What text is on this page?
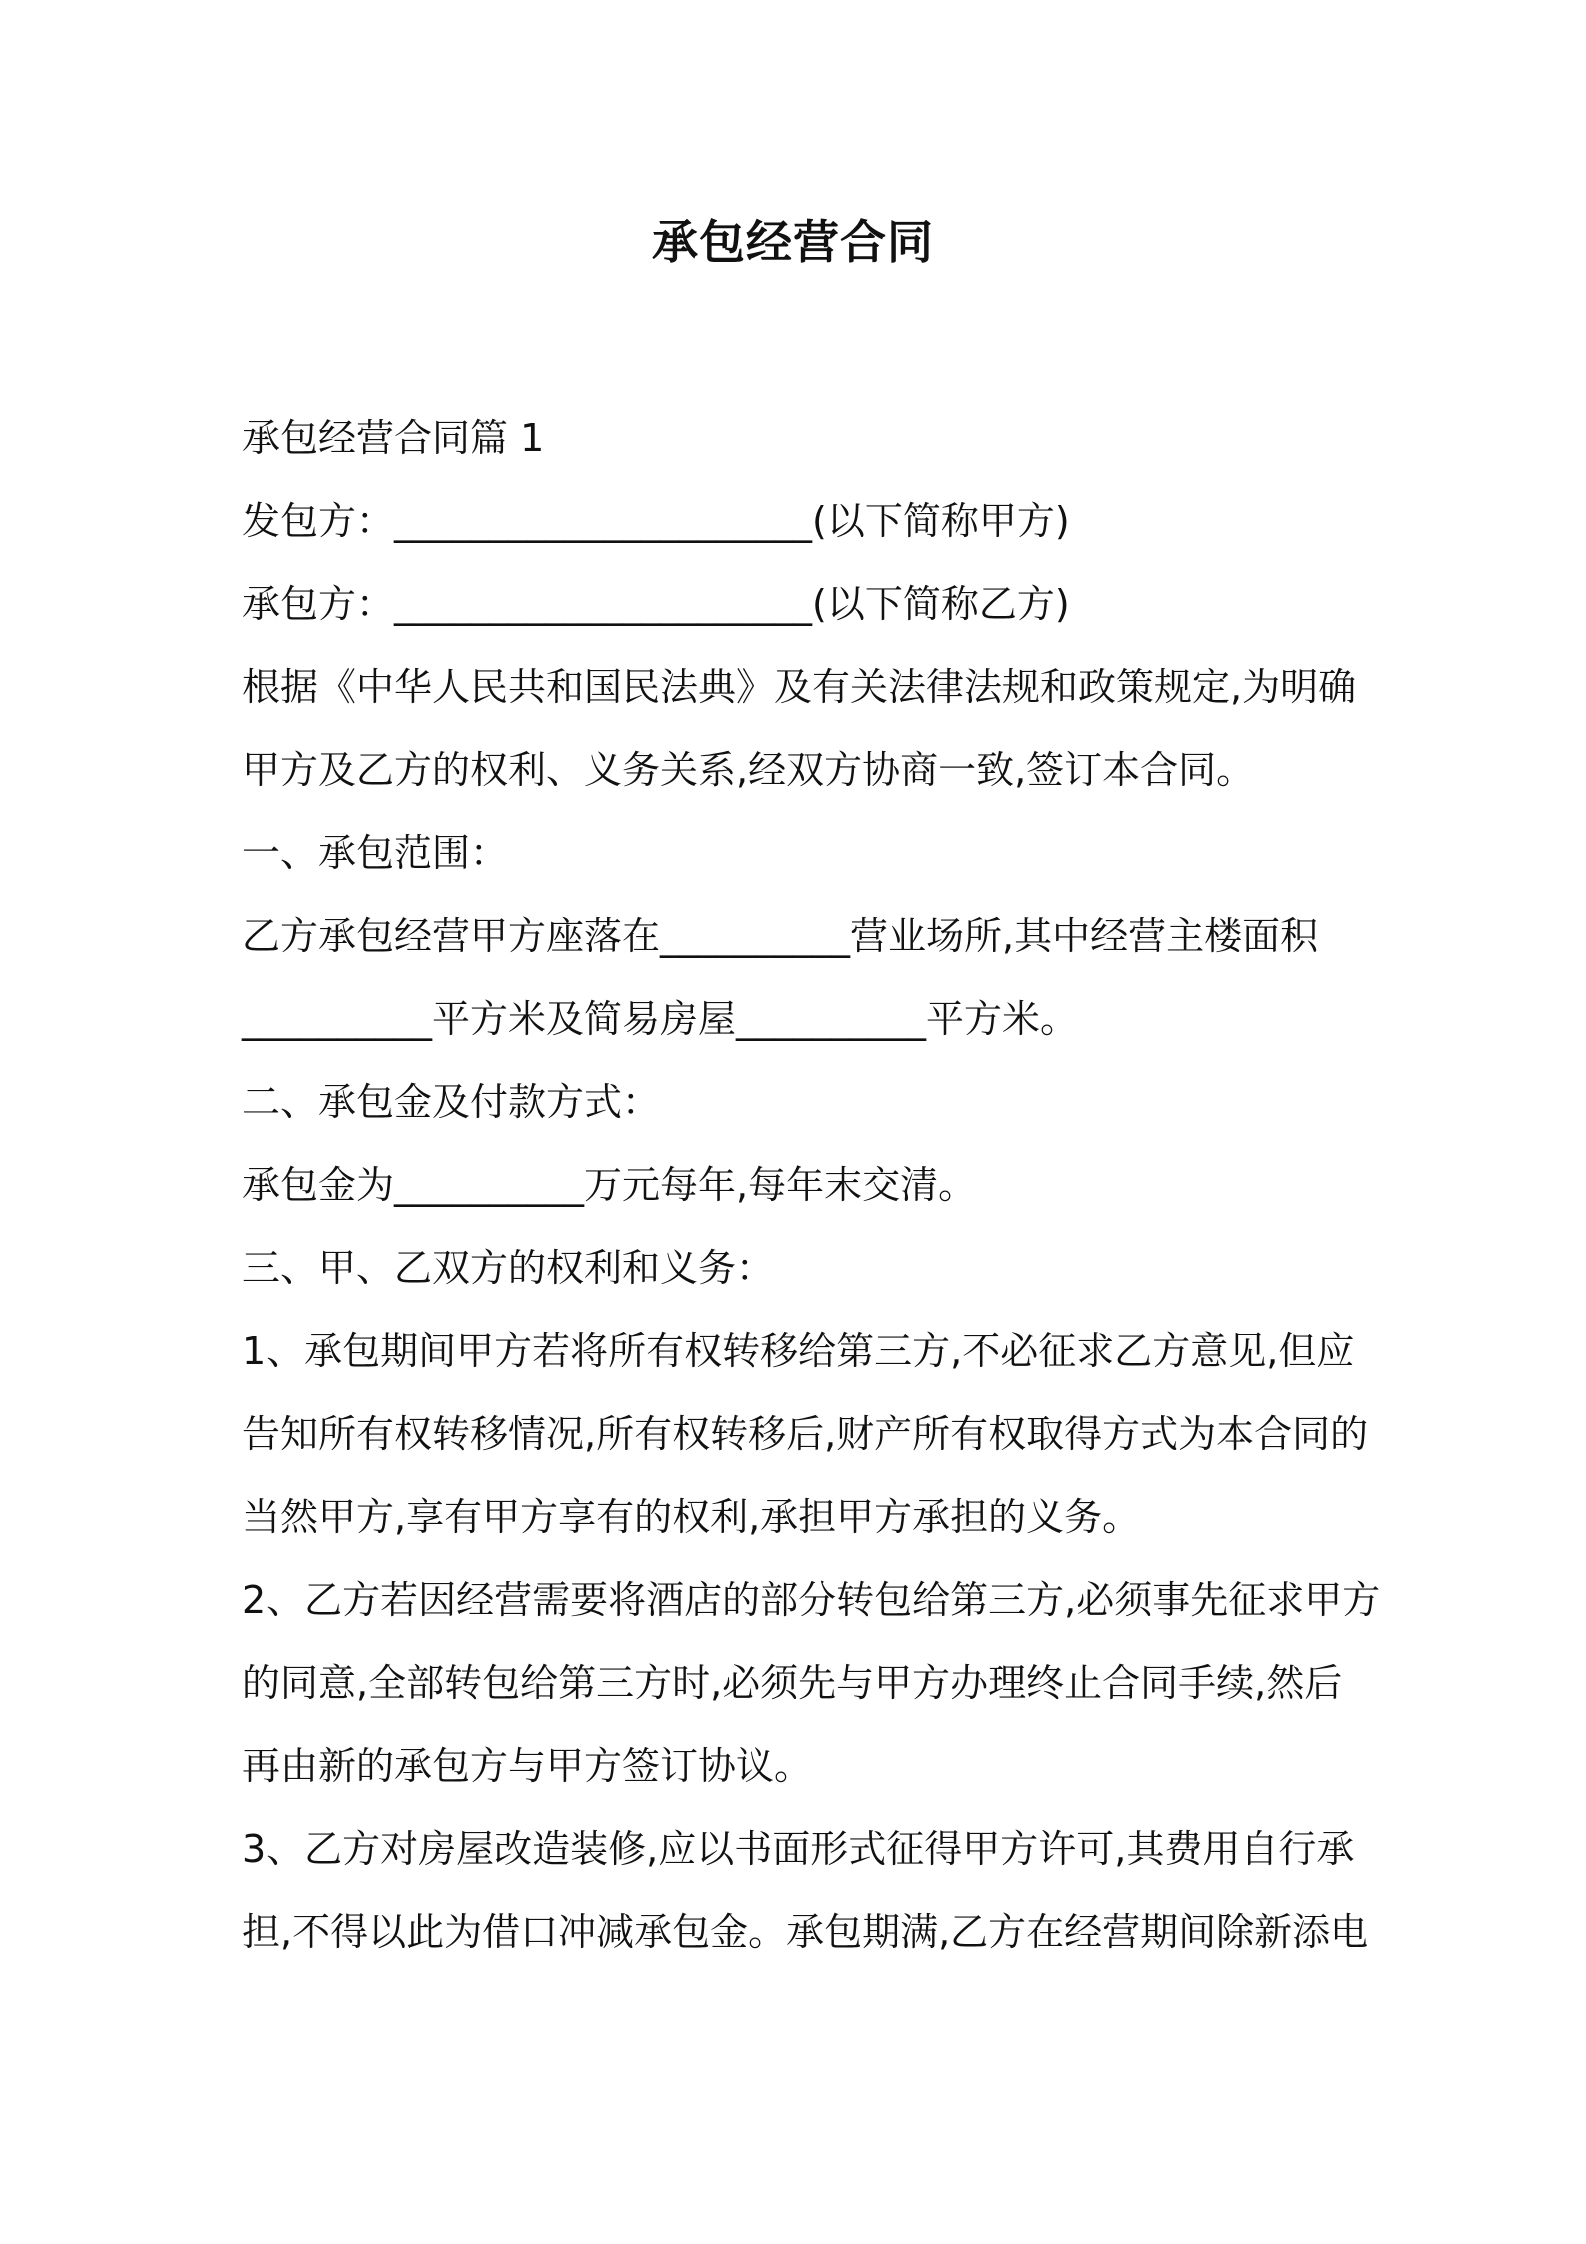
承包经营合同
承包经营合同篇 1
发包方：______________________(以下简称甲方)
承包方：______________________(以下简称乙方)
根据《中华人民共和国民法典》及有关法律法规和政策规定,为明确
甲方及乙方的权利、义务关系,经双方协商一致,签订本合同。
一、承包范围：
乙方承包经营甲方座落在__________营业场所,其中经营主楼面积
__________平方米及简易房屋__________平方米。
二、承包金及付款方式：
承包金为__________万元每年,每年末交清。
三、甲、乙双方的权利和义务：
1、承包期间甲方若将所有权转移给第三方,不必征求乙方意见,但应
告知所有权转移情况,所有权转移后,财产所有权取得方式为本合同的
当然甲方,享有甲方享有的权利,承担甲方承担的义务。
2、乙方若因经营需要将酒店的部分转包给第三方,必须事先征求甲方
的同意,全部转包给第三方时,必须先与甲方办理终止合同手续,然后
再由新的承包方与甲方签订协议。
3、乙方对房屋改造装修,应以书面形式征得甲方许可,其费用自行承
担,不得以此为借口冲减承包金。承包期满,乙方在经营期间除新添电
